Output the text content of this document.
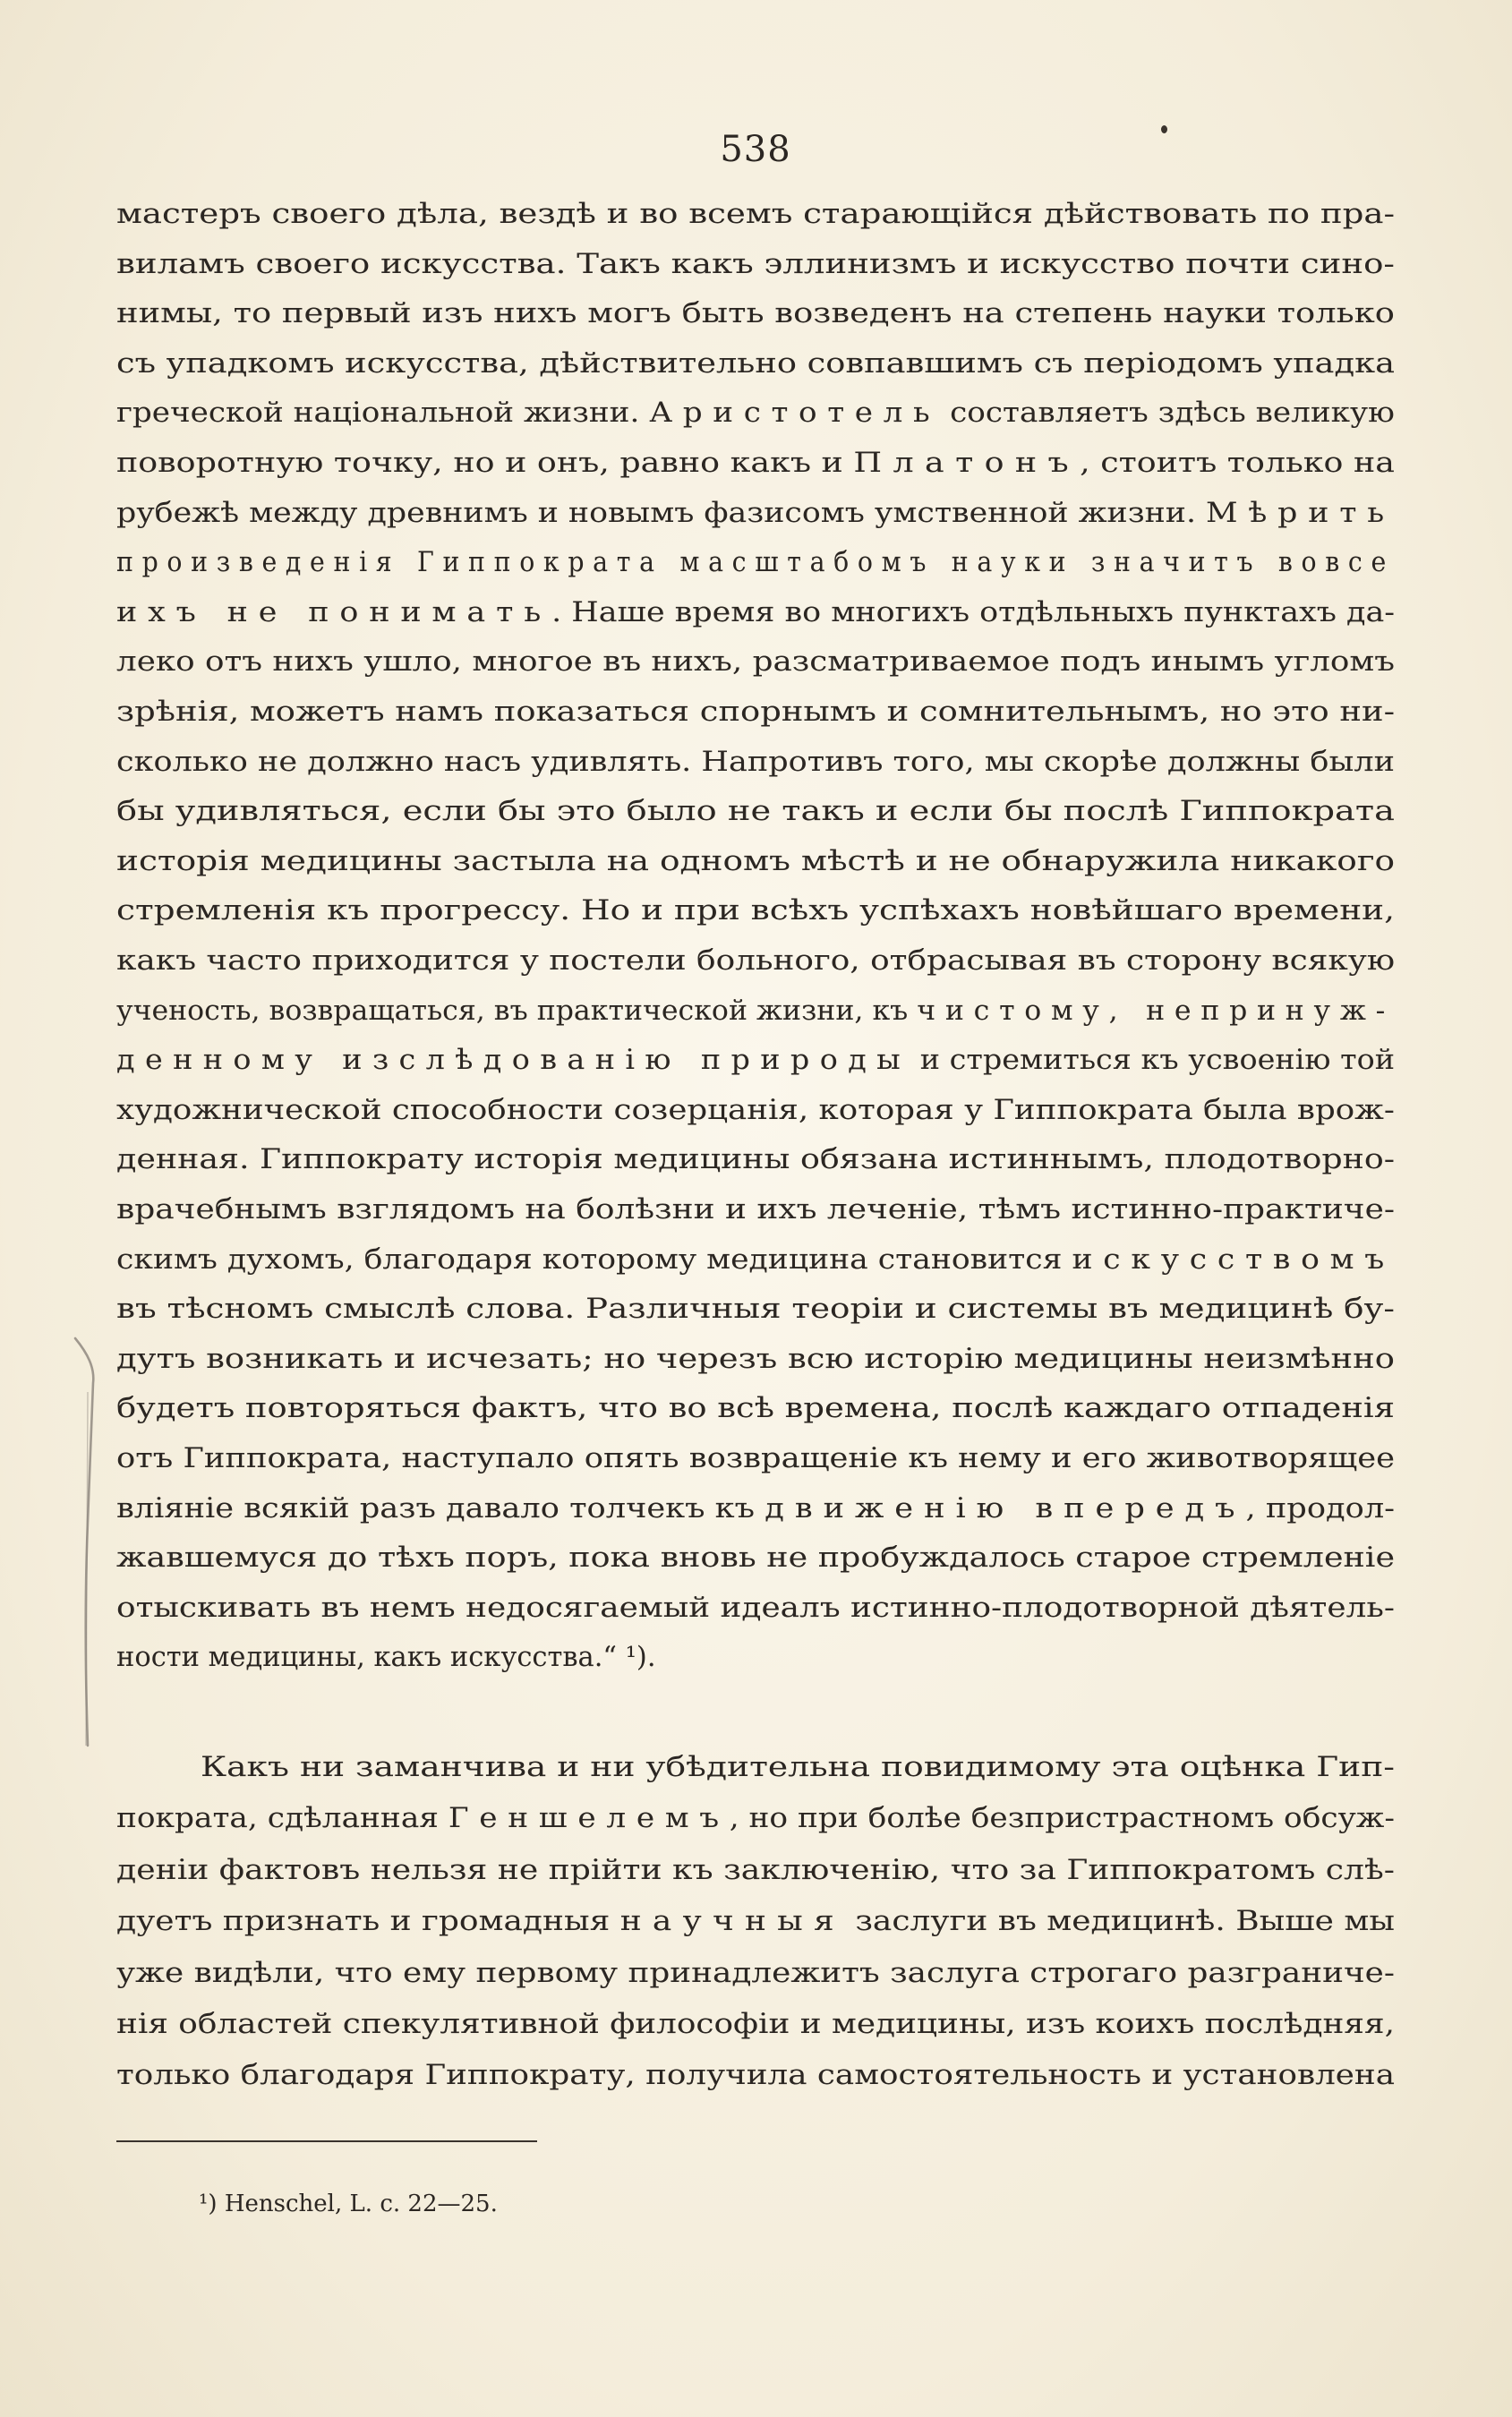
538
мастеръ своего дѣла, вездѣ и во всемъ старающійся дѣйствовать по пра-
виламъ своего искусства. Такъ какъ эллинизмъ и искусство почти сино-
нимы, то первый изъ нихъ могъ быть возведенъ на степень науки только
съ упадкомъ искусства, дѣйствительно совпавшимъ съ періодомъ упадка
греческой національной жизни. Аристотель составляетъ здѣсь великую
поворотную точку, но и онъ, равно какъ и Платонъ, стоитъ только на
рубежѣ между древнимъ и новымъ фазисомъ умственной жизни. Мѣрить
произведенія Гиппократа масштабомъ науки значитъ вовсе
ихъ не понимать. Наше время во многихъ отдѣльныхъ пунктахъ да-
леко отъ нихъ ушло, многое въ нихъ, разсматриваемое подъ инымъ угломъ
зрѣнія, можетъ намъ показаться спорнымъ и сомнительнымъ, но это ни-
сколько не должно насъ удивлять. Напротивъ того, мы скорѣе должны были
бы удивляться, если бы это было не такъ и если бы послѣ Гиппократа
исторія медицины застыла на одномъ мѣстѣ и не обнаружила никакого
стремленія къ прогрессу. Но и при всѣхъ успѣхахъ новѣйшаго времени,
какъ часто приходится у постели больного, отбрасывая въ сторону всякую
ученость, возвращаться, въ практической жизни, къ чистому, непринуж-
денному изслѣдованію природы и стремиться къ усвоенію той
художнической способности созерцанія, которая у Гиппократа была врож-
денная. Гиппократу исторія медицины обязана истиннымъ, плодотворно-
врачебнымъ взглядомъ на болѣзни и ихъ леченіе, тѣмъ истинно-практиче-
скимъ духомъ, благодаря которому медицина становится искусствомъ
въ тѣсномъ смыслѣ слова. Различныя теоріи и системы въ медицинѣ бу-
дутъ возникать и исчезать; но черезъ всю исторію медицины неизмѣнно
будетъ повторяться фактъ, что во всѣ времена, послѣ каждаго отпаденія
отъ Гиппократа, наступало опять возвращеніе къ нему и его животворящее
вліяніе всякій разъ давало толчекъ къ движенію впередъ, продол-
жавшемуся до тѣхъ поръ, пока вновь не пробуждалось старое стремленіе
отыскивать въ немъ недосягаемый идеалъ истинно-плодотворной дѣятель-
ности медицины, какъ искусства.“ ¹).
Какъ ни заманчива и ни убѣдительна повидимому эта оцѣнка Гип-
пократа, сдѣланная Геншелемъ, но при болѣе безпристрастномъ обсуж-
деніи фактовъ нельзя не прійти къ заключенію, что за Гиппократомъ слѣ-
дуетъ признать и громадныя научныя заслуги въ медицинѣ. Выше мы
уже видѣли, что ему первому принадлежитъ заслуга строгаго разграниче-
нія областей спекулятивной философіи и медицины, изъ коихъ послѣдняя,
только благодаря Гиппократу, получила самостоятельность и установлена
¹) Henschel, L. c. 22—25.
